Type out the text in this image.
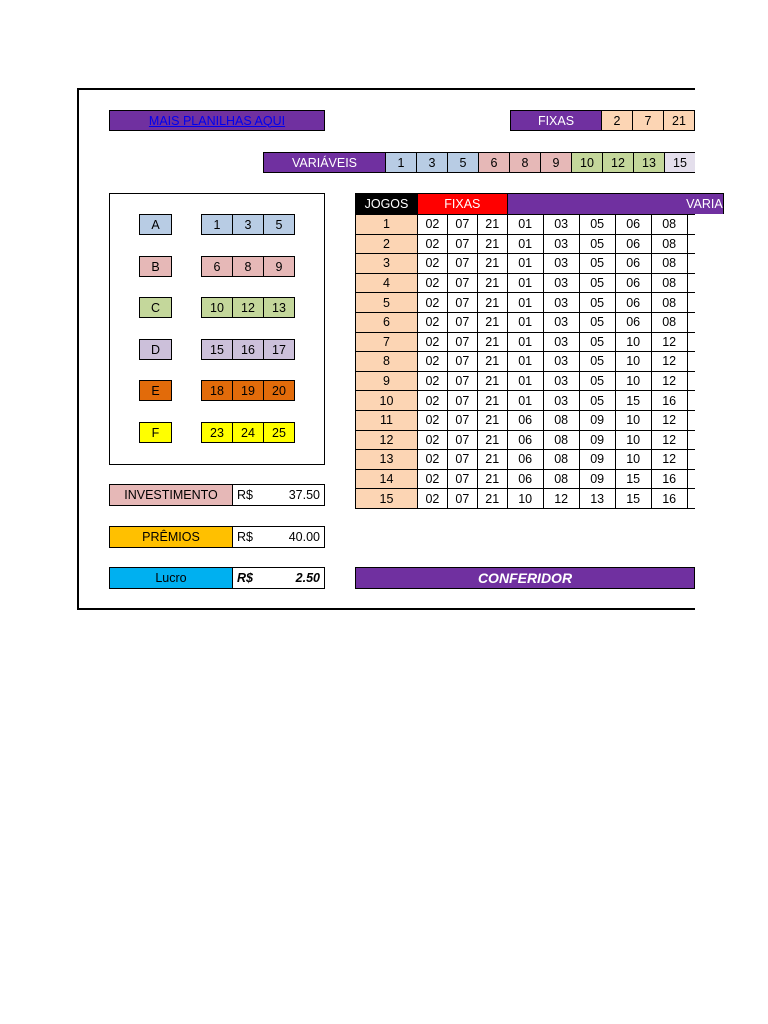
MAIS PLANILHAS AQUI	FIXAS	2	7	21
VARIÁVEIS	1	3	5	6	8	9	10	12	13	15
A	1	3	5
B	6	8	9
C	10	12	13
D	15	16	17
E	18	19	20
F	23	24	25
INVESTIMENTO	R$	37.50
PRÊMIOS	R$	40.00
Lucro	R$	2.50
JOGOS	FIXAS			VARIA					
1	02	07	21	01	03	05	06	08	
2	02	07	21	01	03	05	06	08	
3	02	07	21	01	03	05	06	08	
4	02	07	21	01	03	05	06	08	
5	02	07	21	01	03	05	06	08	
6	02	07	21	01	03	05	06	08	
7	02	07	21	01	03	05	10	12	
8	02	07	21	01	03	05	10	12	
9	02	07	21	01	03	05	10	12	
10	02	07	21	01	03	05	15	16	
11	02	07	21	06	08	09	10	12	
12	02	07	21	06	08	09	10	12	
13	02	07	21	06	08	09	10	12	
14	02	07	21	06	08	09	15	16	
15	02	07	21	10	12	13	15	16	
CONFERIDOR
